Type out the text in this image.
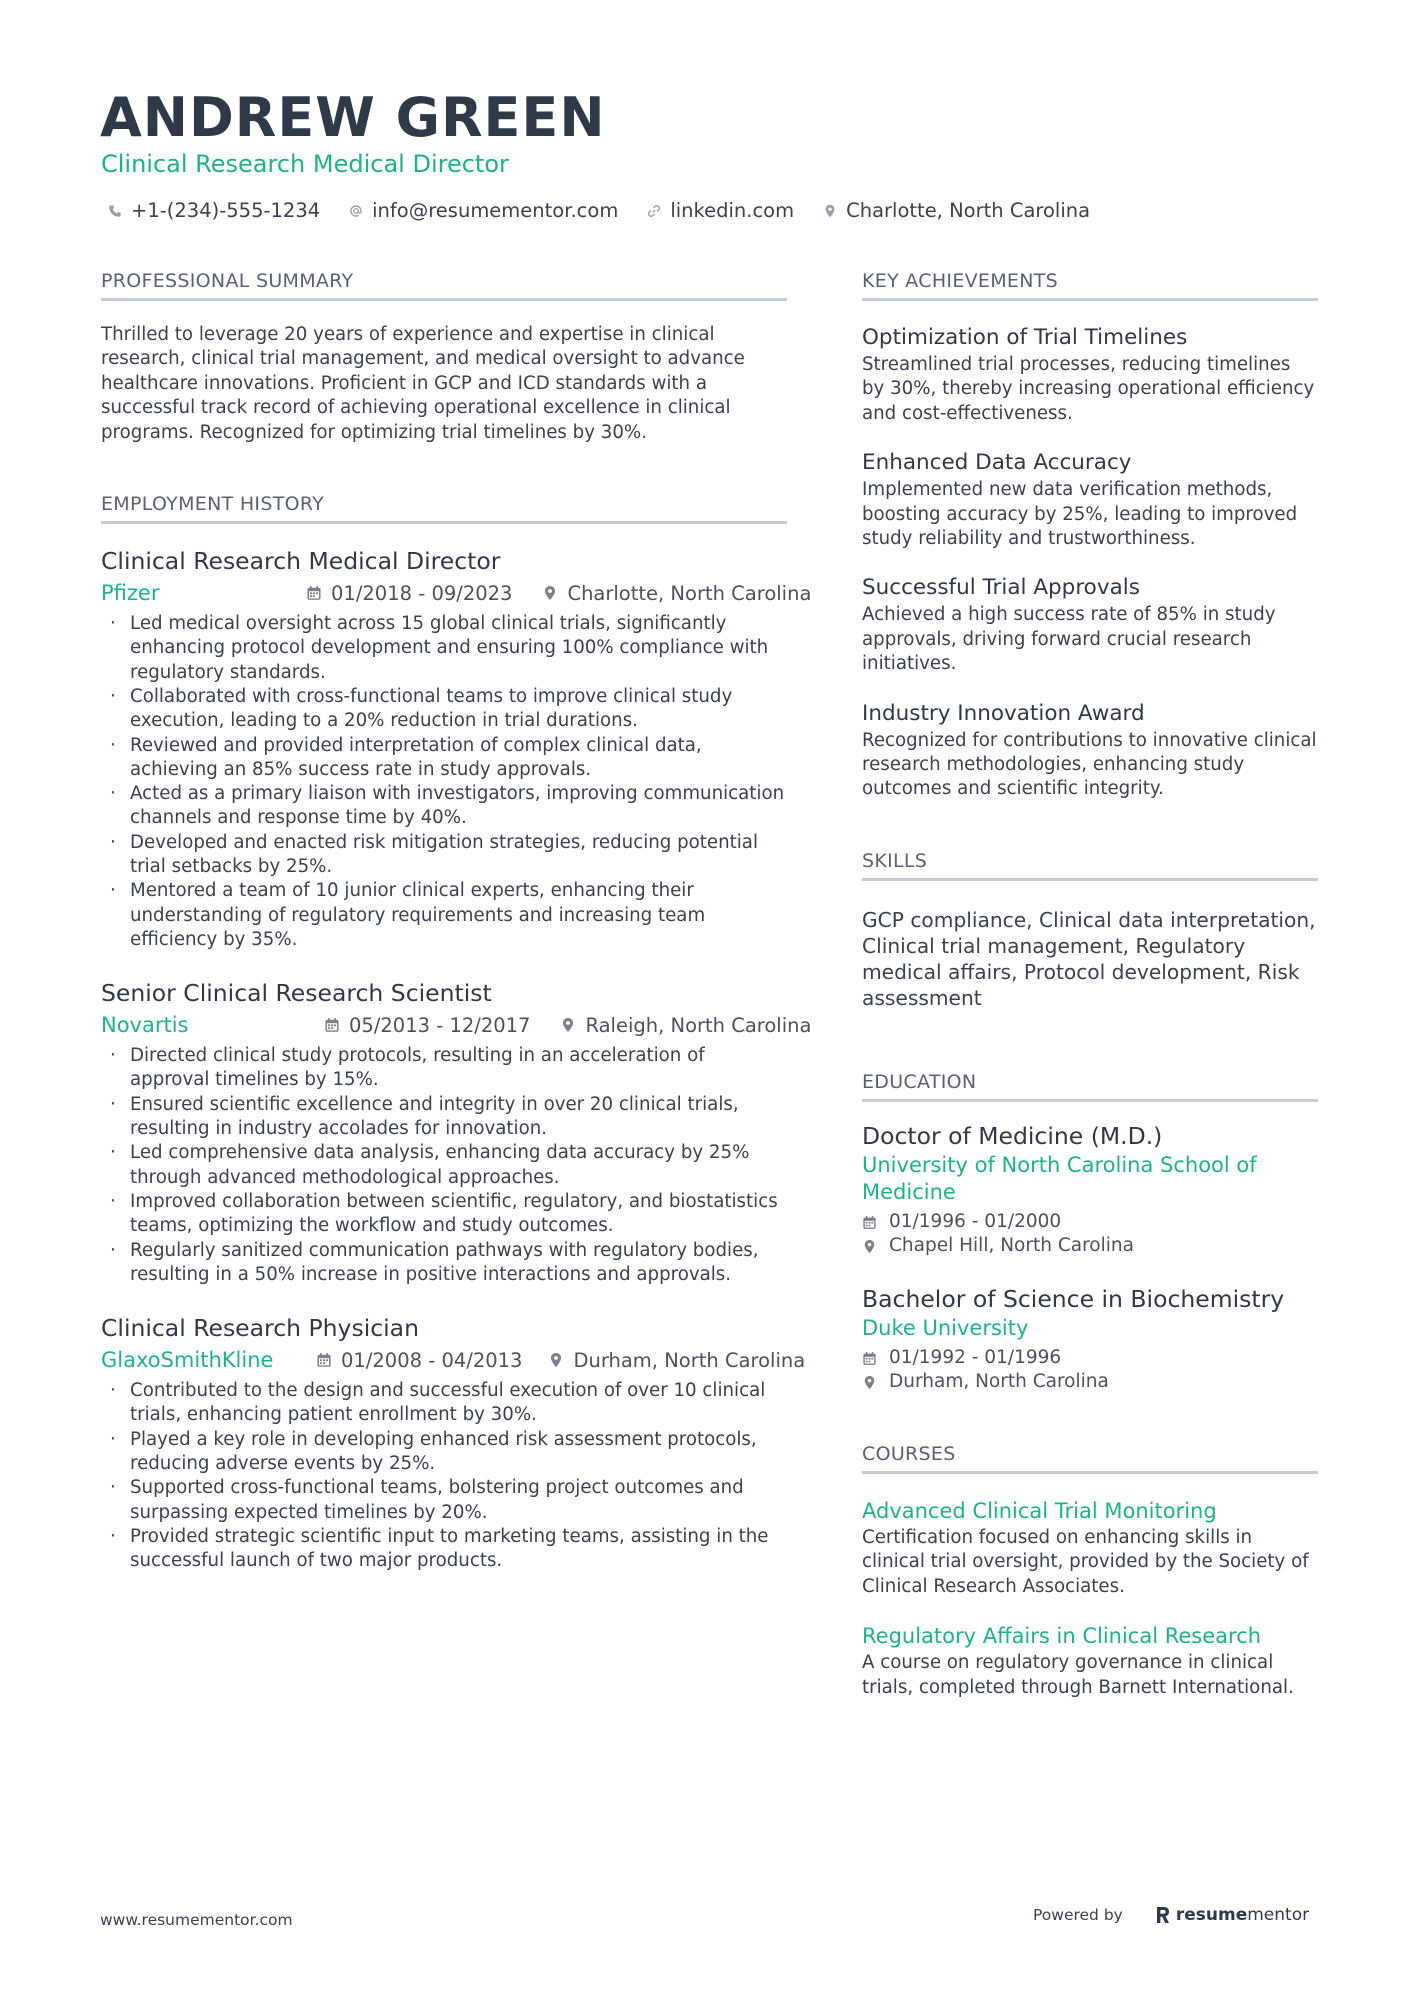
ANDREW GREEN
Clinical Research Medical Director
+1-(234)-555-1234	info@resumementor.com	linkedin.com	Charlotte, North Carolina
PROFESSIONAL SUMMARY

Thrilled to leverage 20 years of experience and expertise in clinical research, clinical trial management, and medical oversight to advance healthcare innovations. Proficient in GCP and ICD standards with a successful track record of achieving operational excellence in clinical programs. Recognized for optimizing trial timelines by 30%.

EMPLOYMENT HISTORY
Clinical Research Medical Director
Pfizer	01/2018 - 09/2023	Charlotte, North Carolina
· Led medical oversight across 15 global clinical trials, significantly enhancing protocol development and ensuring 100% compliance with regulatory standards.
· Collaborated with cross-functional teams to improve clinical study execution, leading to a 20% reduction in trial durations.
· Reviewed and provided interpretation of complex clinical data, achieving an 85% success rate in study approvals.
· Acted as a primary liaison with investigators, improving communication channels and response time by 40%.
· Developed and enacted risk mitigation strategies, reducing potential trial setbacks by 25%.
· Mentored a team of 10 junior clinical experts, enhancing their understanding of regulatory requirements and increasing team efficiency by 35%.
Senior Clinical Research Scientist
Novartis	05/2013 - 12/2017	Raleigh, North Carolina
· Directed clinical study protocols, resulting in an acceleration of approval timelines by 15%.
· Ensured scientific excellence and integrity in over 20 clinical trials, resulting in industry accolades for innovation.
· Led comprehensive data analysis, enhancing data accuracy by 25% through advanced methodological approaches.
· Improved collaboration between scientific, regulatory, and biostatistics teams, optimizing the workflow and study outcomes.
· Regularly sanitized communication pathways with regulatory bodies, resulting in a 50% increase in positive interactions and approvals.
Clinical Research Physician
GlaxoSmithKline	01/2008 - 04/2013	Durham, North Carolina
· Contributed to the design and successful execution of over 10 clinical trials, enhancing patient enrollment by 30%.
· Played a key role in developing enhanced risk assessment protocols, reducing adverse events by 25%.
· Supported cross-functional teams, bolstering project outcomes and surpassing expected timelines by 20%.
· Provided strategic scientific input to marketing teams, assisting in the successful launch of two major products.
KEY ACHIEVEMENTS
Optimization of Trial Timelines
Streamlined trial processes, reducing timelines by 30%, thereby increasing operational efficiency and cost-effectiveness.
Enhanced Data Accuracy
Implemented new data verification methods, boosting accuracy by 25%, leading to improved study reliability and trustworthiness.
Successful Trial Approvals
Achieved a high success rate of 85% in study approvals, driving forward crucial research initiatives.
Industry Innovation Award
Recognized for contributions to innovative clinical research methodologies, enhancing study outcomes and scientific integrity.
SKILLS

GCP compliance, Clinical data interpretation, Clinical trial management, Regulatory medical affairs, Protocol development, Risk assessment

EDUCATION
Doctor of Medicine (M.D.)
University of North Carolina School of Medicine
01/1996 - 01/2000
Chapel Hill, North Carolina
Bachelor of Science in Biochemistry
Duke University
01/1992 - 01/1996
Durham, North Carolina
COURSES
Advanced Clinical Trial Monitoring
Certification focused on enhancing skills in clinical trial oversight, provided by the Society of Clinical Research Associates.
Regulatory Affairs in Clinical Research
A course on regulatory governance in clinical trials, completed through Barnett International.
www.resumementor.com	Powered by	resume mentor
